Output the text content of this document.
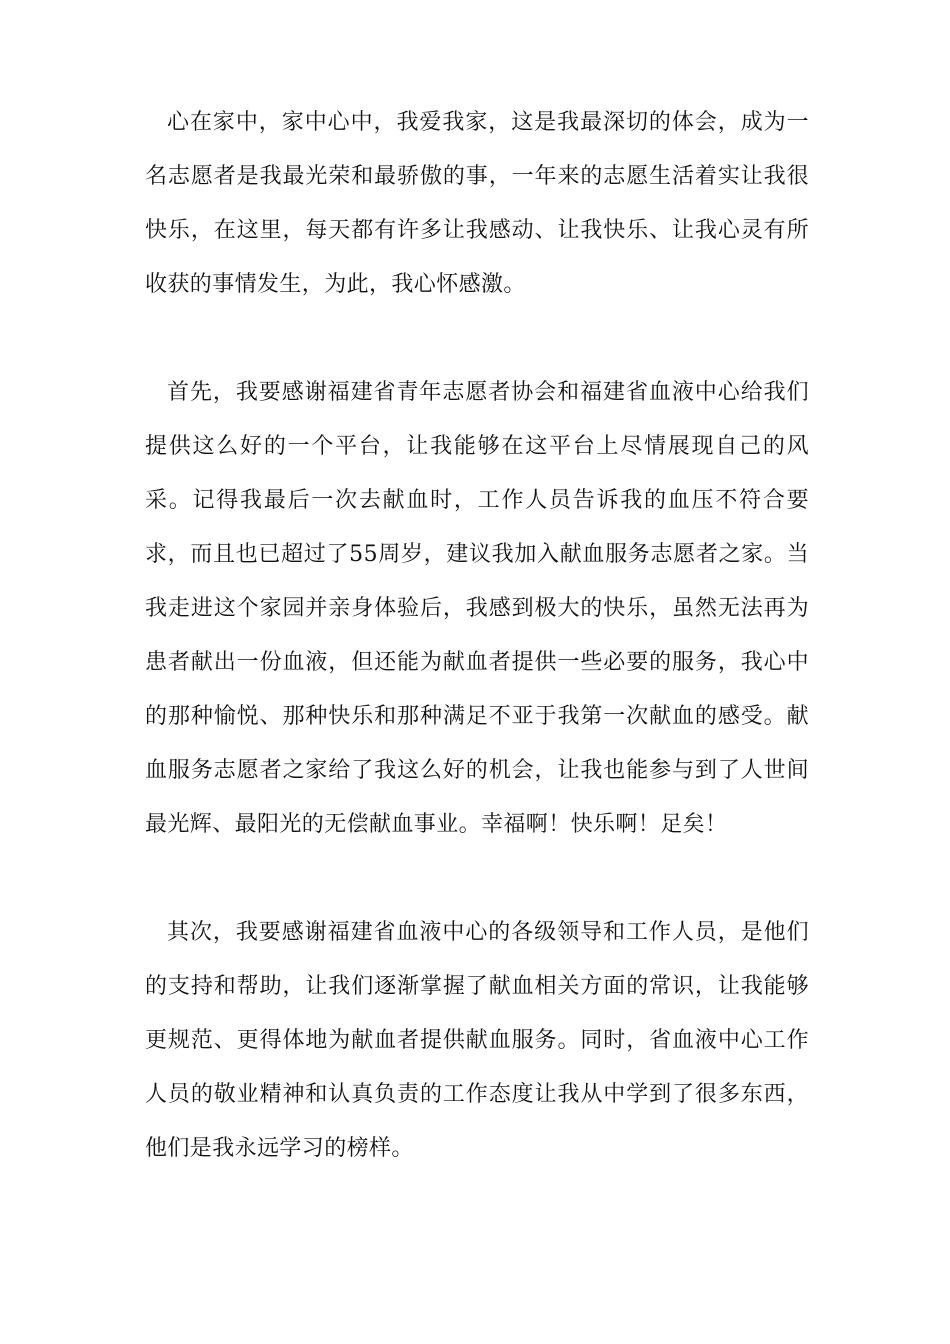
心在家中，家中心中，我爱我家，这是我最深切的体会，成为一名志愿者是我最光荣和最骄傲的事，一年来的志愿生活着实让我很快乐，在这里，每天都有许多让我感动、让我快乐、让我心灵有所收获的事情发生，为此，我心怀感激。

首先，我要感谢福建省青年志愿者协会和福建省血液中心给我们提供这么好的一个平台，让我能够在这平台上尽情展现自己的风采。记得我最后一次去献血时，工作人员告诉我的血压不符合要求，而且也已超过了55周岁，建议我加入献血服务志愿者之家。当我走进这个家园并亲身体验后，我感到极大的快乐，虽然无法再为患者献出一份血液，但还能为献血者提供一些必要的服务，我心中的那种愉悦、那种快乐和那种满足不亚于我第一次献血的感受。献血服务志愿者之家给了我这么好的机会，让我也能参与到了人世间最光辉、最阳光的无偿献血事业。幸福啊！快乐啊！足矣！

其次，我要感谢福建省血液中心的各级领导和工作人员，是他们的支持和帮助，让我们逐渐掌握了献血相关方面的常识，让我能够更规范、更得体地为献血者提供献血服务。同时，省血液中心工作人员的敬业精神和认真负责的工作态度让我从中学到了很多东西，他们是我永远学习的榜样。
